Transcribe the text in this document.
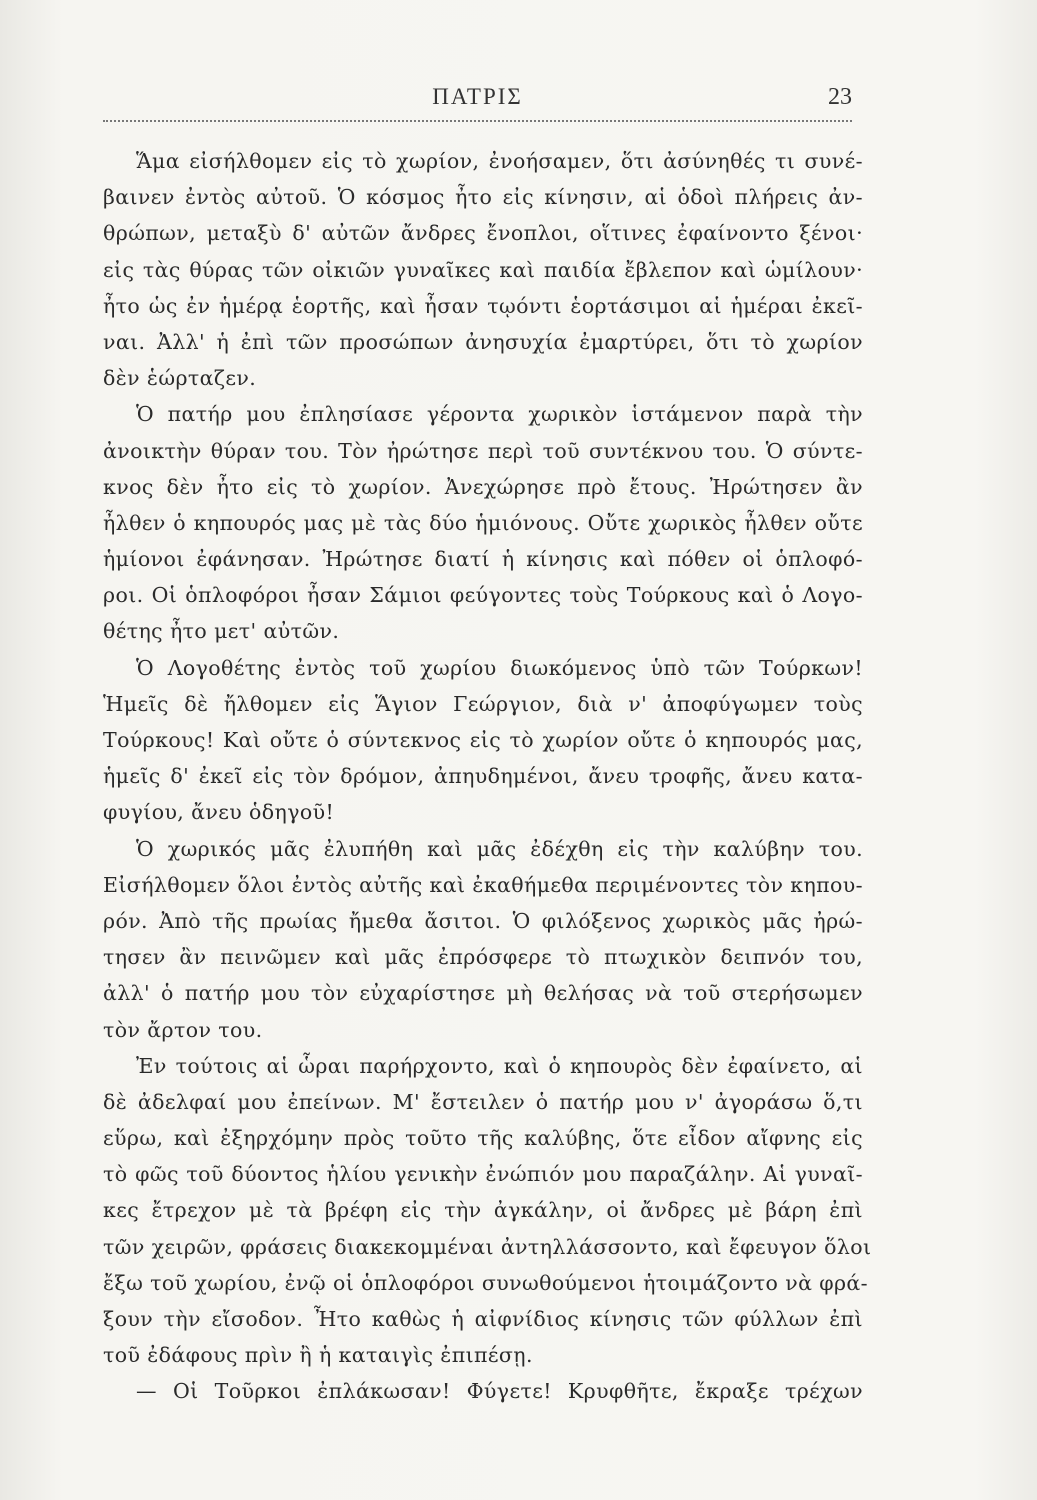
ΠΑΤΡΙΣ	23
Ἅμα εἰσήλθομεν εἰς τὸ χωρίον, ἐνοήσαμεν, ὅτι ἀσύνηθές τι συνέ-
βαινεν ἐντὸς αὐτοῦ. Ὁ κόσμος ἦτο εἰς κίνησιν, αἱ ὁδοὶ πλήρεις ἀν-
θρώπων, μεταξὺ δ' αὐτῶν ἄνδρες ἔνοπλοι, οἵτινες ἐφαίνοντο ξένοι·
εἰς τὰς θύρας τῶν οἰκιῶν γυναῖκες καὶ παιδία ἔβλεπον καὶ ὡμίλουν·
ἦτο ὡς ἐν ἡμέρᾳ ἑορτῆς, καὶ ἦσαν τῳόντι ἑορτάσιμοι αἱ ἡμέραι ἐκεῖ-
ναι. Ἀλλ' ἡ ἐπὶ τῶν προσώπων ἀνησυχία ἐμαρτύρει, ὅτι τὸ χωρίον
δὲν ἑώρταζεν.
Ὁ πατήρ μου ἐπλησίασε γέροντα χωρικὸν ἱστάμενον παρὰ τὴν
ἀνοικτὴν θύραν του. Τὸν ἠρώτησε περὶ τοῦ συντέκνου του. Ὁ σύντε-
κνος δὲν ἦτο εἰς τὸ χωρίον. Ἀνεχώρησε πρὸ ἔτους. Ἠρώτησεν ἂν
ἦλθεν ὁ κηπουρός μας μὲ τὰς δύο ἡμιόνους. Οὔτε χωρικὸς ἦλθεν οὔτε
ἡμίονοι ἐφάνησαν. Ἠρώτησε διατί ἡ κίνησις καὶ πόθεν οἱ ὁπλοφό-
ροι. Οἱ ὁπλοφόροι ἦσαν Σάμιοι φεύγοντες τοὺς Τούρκους καὶ ὁ Λογο-
θέτης ἦτο μετ' αὐτῶν.
Ὁ Λογοθέτης ἐντὸς τοῦ χωρίου διωκόμενος ὑπὸ τῶν Τούρκων!
Ἡμεῖς δὲ ἤλθομεν εἰς Ἅγιον Γεώργιον, διὰ ν' ἀποφύγωμεν τοὺς
Τούρκους! Καὶ οὔτε ὁ σύντεκνος εἰς τὸ χωρίον οὔτε ὁ κηπουρός μας,
ἡμεῖς δ' ἐκεῖ εἰς τὸν δρόμον, ἀπηυδημένοι, ἄνευ τροφῆς, ἄνευ κατα-
φυγίου, ἄνευ ὁδηγοῦ!
Ὁ χωρικός μᾶς ἐλυπήθη καὶ μᾶς ἐδέχθη εἰς τὴν καλύβην του.
Εἰσήλθομεν ὅλοι ἐντὸς αὐτῆς καὶ ἐκαθήμεθα περιμένοντες τὸν κηπου-
ρόν. Ἀπὸ τῆς πρωίας ἤμεθα ἄσιτοι. Ὁ φιλόξενος χωρικὸς μᾶς ἠρώ-
τησεν ἂν πεινῶμεν καὶ μᾶς ἐπρόσφερε τὸ πτωχικὸν δειπνόν του,
ἀλλ' ὁ πατήρ μου τὸν εὐχαρίστησε μὴ θελήσας νὰ τοῦ στερήσωμεν
τὸν ἄρτον του.
Ἐν τούτοις αἱ ὧραι παρήρχοντο, καὶ ὁ κηπουρὸς δὲν ἐφαίνετο, αἱ
δὲ ἀδελφαί μου ἐπείνων. Μ' ἔστειλεν ὁ πατήρ μου ν' ἀγοράσω ὅ,τι
εὕρω, καὶ ἐξηρχόμην πρὸς τοῦτο τῆς καλύβης, ὅτε εἶδον αἴφνης εἰς
τὸ φῶς τοῦ δύοντος ἡλίου γενικὴν ἐνώπιόν μου παραζάλην. Αἱ γυναῖ-
κες ἔτρεχον μὲ τὰ βρέφη εἰς τὴν ἀγκάλην, οἱ ἄνδρες μὲ βάρη ἐπὶ
τῶν χειρῶν, φράσεις διακεκομμέναι ἀντηλλάσσοντο, καὶ ἔφευγον ὅλοι
ἔξω τοῦ χωρίου, ἐνῷ οἱ ὁπλοφόροι συνωθούμενοι ἡτοιμάζοντο νὰ φρά-
ξουν τὴν εἴσοδον. Ἦτο καθὼς ἡ αἰφνίδιος κίνησις τῶν φύλλων ἐπὶ
τοῦ ἐδάφους πρὶν ἢ ἡ καταιγὶς ἐπιπέσῃ.
— Οἱ Τοῦρκοι ἐπλάκωσαν! Φύγετε! Κρυφθῆτε, ἔκραξε τρέχων
